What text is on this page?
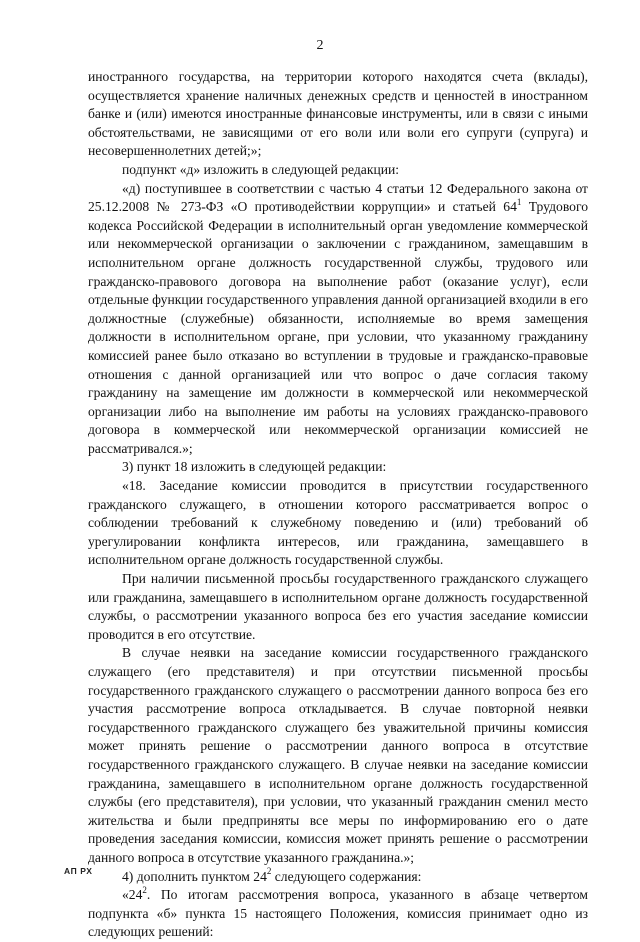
2

иностранного государства, на территории которого находятся счета (вклады), осуществляется хранение наличных денежных средств и ценностей в иностранном банке и (или) имеются иностранные финансовые инструменты, или в связи с иными обстоятельствами, не зависящими от его воли или воли его супруги (супруга) и несовершеннолетних детей;»;

подпункт «д» изложить в следующей редакции:

«д) поступившее в соответствии с частью 4 статьи 12 Федерального закона от 25.12.2008 № 273-ФЗ «О противодействии коррупции» и статьей $64^1$ Трудового кодекса Российской Федерации в исполнительный орган уведомление коммерческой или некоммерческой организации о заключении с гражданином, замещавшим в исполнительном органе должность государственной службы, трудового или гражданско-правового договора на выполнение работ (оказание услуг), если отдельные функции государственного управления данной организацией входили в его должностные (служебные) обязанности, исполняемые во время замещения должности в исполнительном органе, при условии, что указанному гражданину комиссией ранее было отказано во вступлении в трудовые и гражданско-правовые отношения с данной организацией или что вопрос о даче согласия такому гражданину на замещение им должности в коммерческой или некоммерческой организации либо на выполнение им работы на условиях гражданско-правового договора в коммерческой или некоммерческой организации комиссией не рассматривался.»;

3) пункт 18 изложить в следующей редакции:

«18. Заседание комиссии проводится в присутствии государственного гражданского служащего, в отношении которого рассматривается вопрос о соблюдении требований к служебному поведению и (или) требований об урегулировании конфликта интересов, или гражданина, замещавшего в исполнительном органе должность государственной службы.

При наличии письменной просьбы государственного гражданского служащего или гражданина, замещавшего в исполнительном органе должность государственной службы, о рассмотрении указанного вопроса без его участия заседание комиссии проводится в его отсутствие.

В случае неявки на заседание комиссии государственного гражданского служащего (его представителя) и при отсутствии письменной просьбы государственного гражданского служащего о рассмотрении данного вопроса без его участия рассмотрение вопроса откладывается. В случае повторной неявки государственного гражданского служащего без уважительной причины комиссия может принять решение о рассмотрении данного вопроса в отсутствие государственного гражданского служащего. В случае неявки на заседание комиссии гражданина, замещавшего в исполнительном органе должность государственной службы (его представителя), при условии, что указанный гражданин сменил место жительства и были предприняты все меры по информированию его о дате проведения заседания комиссии, комиссия может принять решение о рассмотрении данного вопроса в отсутствие указанного гражданина.»;

4) дополнить пунктом $24^2$ следующего содержания:

«$24^2$. По итогам рассмотрения вопроса, указанного в абзаце четвертом подпункта «б» пункта 15 настоящего Положения, комиссия принимает одно из следующих решений:

АП РХ
